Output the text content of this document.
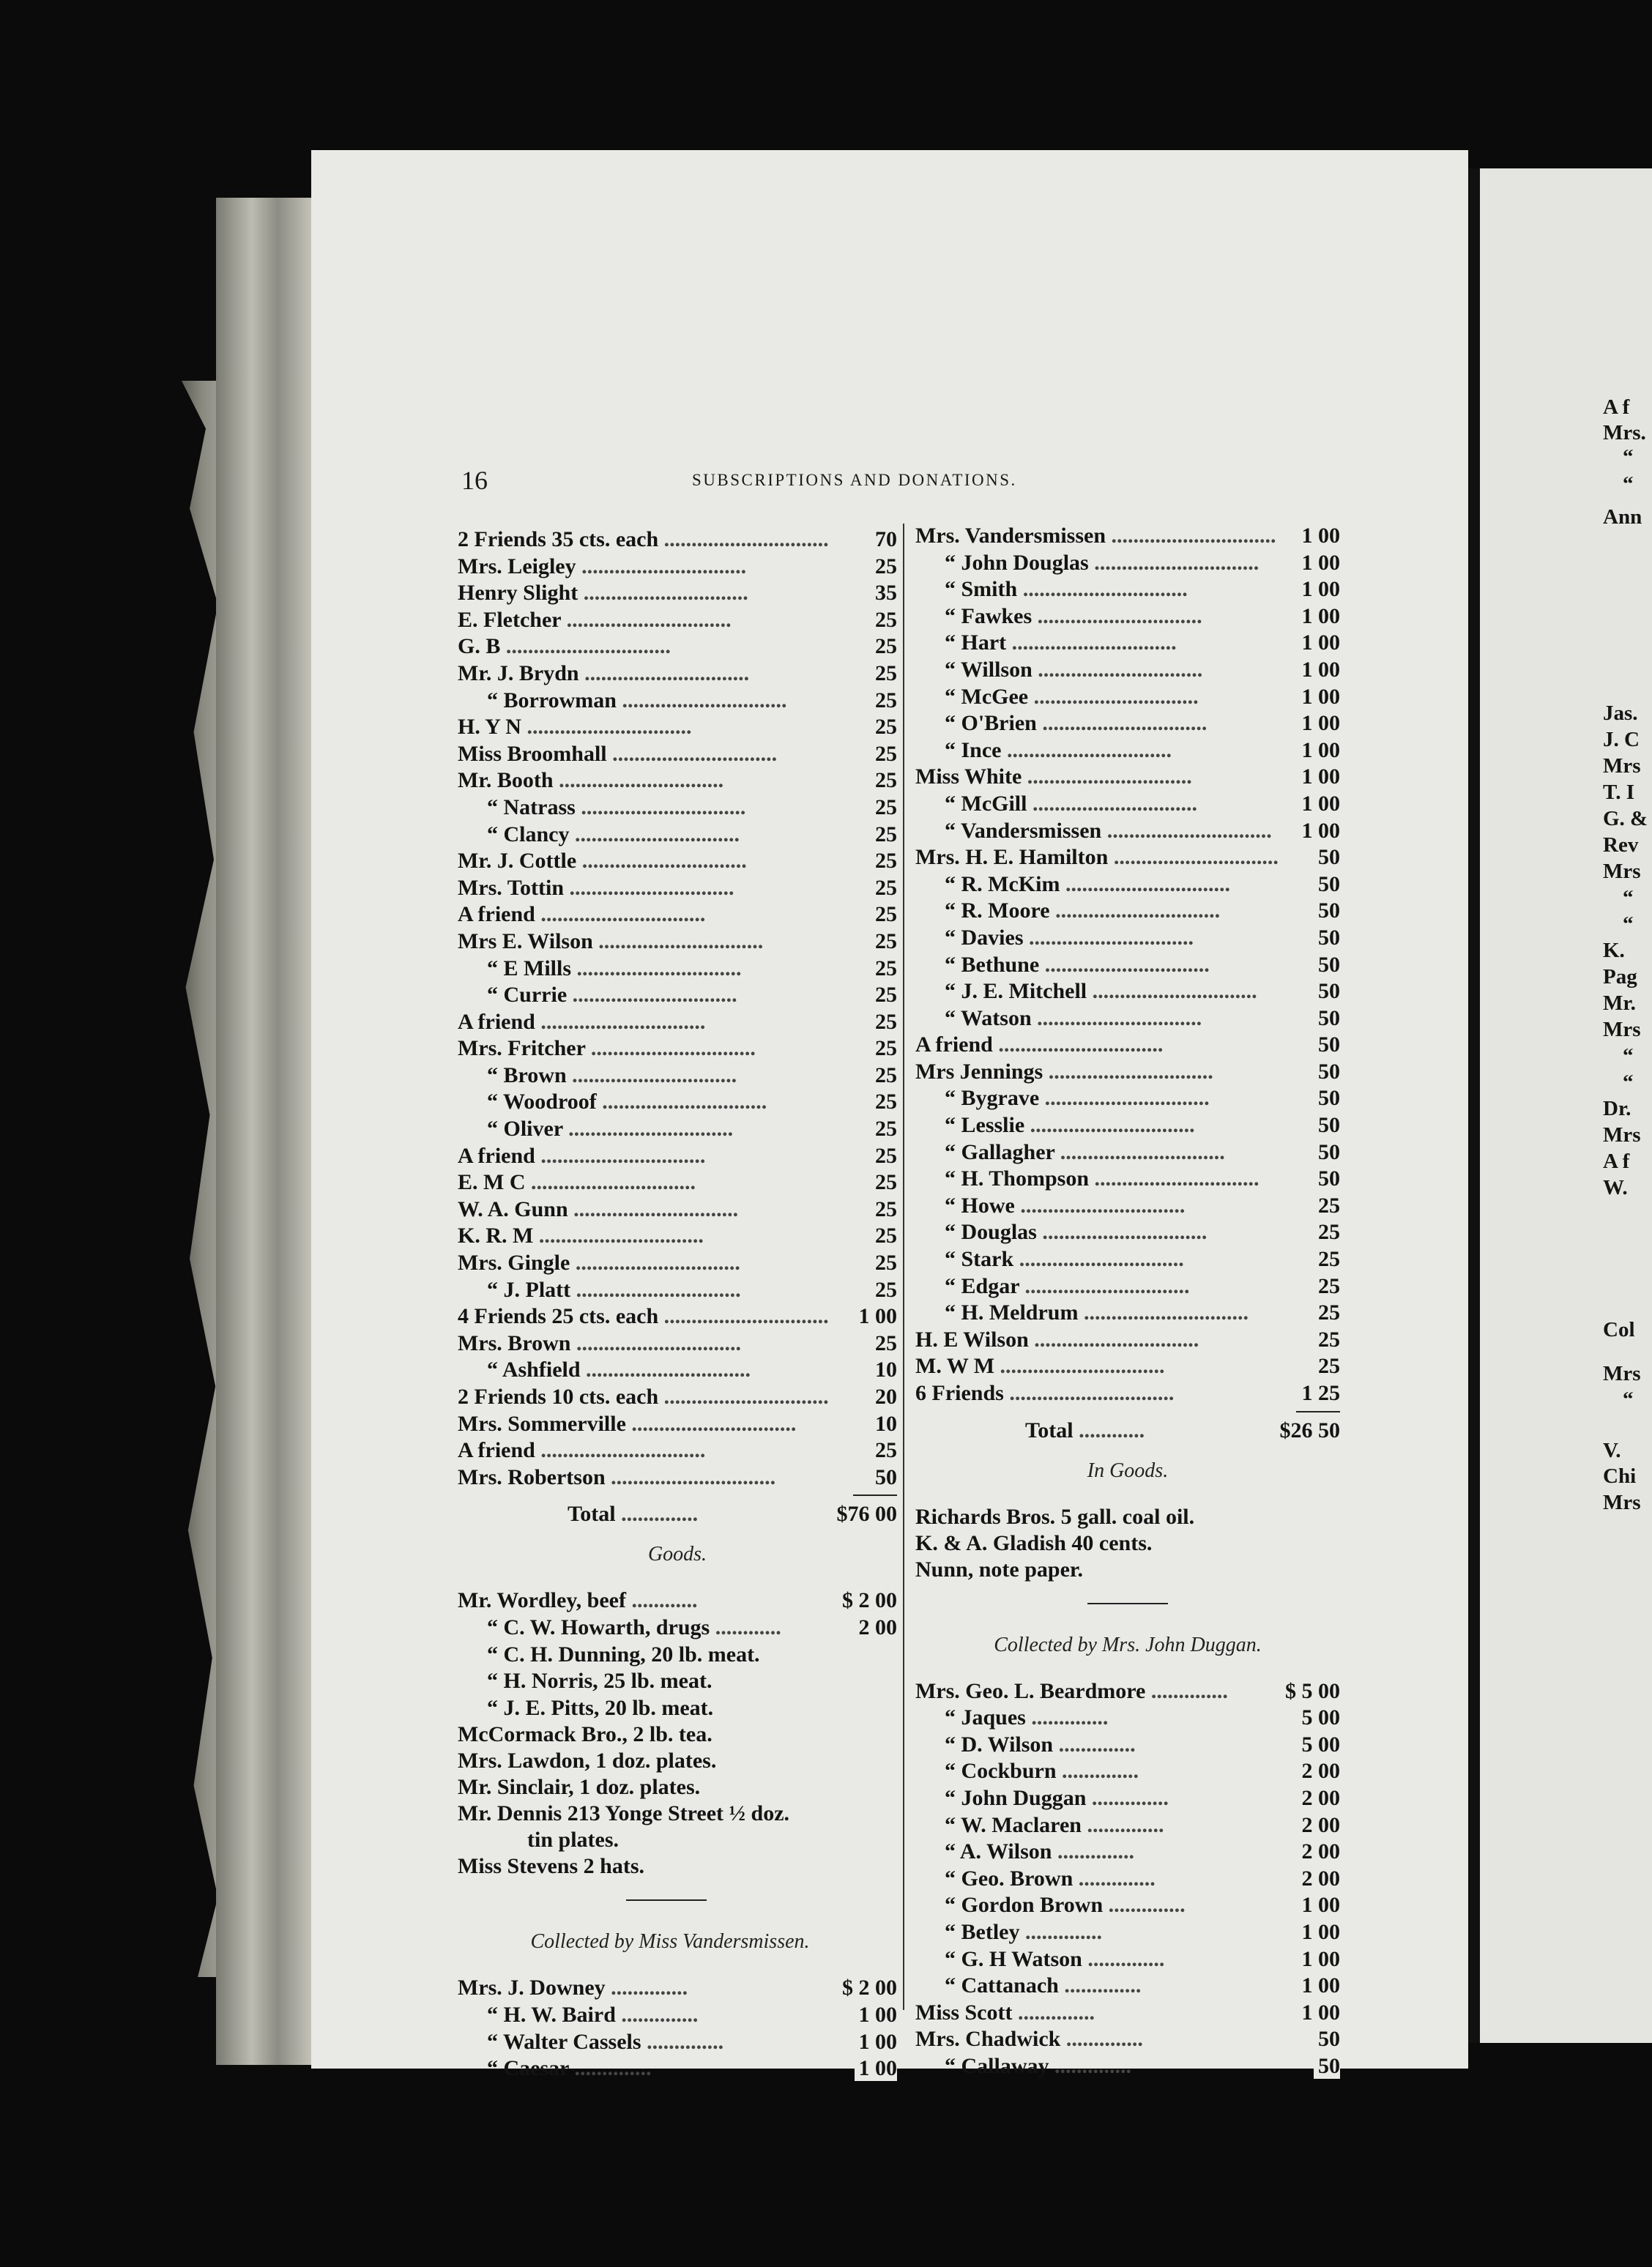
16	SUBSCRIPTIONS AND DONATIONS.
2 Friends 35 cts. each .............................. 70
Mrs. Leigley ..............................	25
Henry Slight ..............................	35
E. Fletcher ..............................	25
G. B ..............................	25
Mr. J. Brydn ..............................	25
“ Borrowman ..............................	25
H. Y N ..............................	25
Miss Broomhall ..............................	25
Mr. Booth ..............................	25
“ Natrass ..............................	25
“ Clancy ..............................	25
Mr. J. Cottle ..............................	25
Mrs. Tottin ..............................	25
A friend ..............................	25
Mrs E. Wilson ..............................	25
“ E Mills ..............................	25
“ Currie ..............................	25
A friend ..............................	25
Mrs. Fritcher ..............................	25
“ Brown ..............................	25
“ Woodroof ..............................	25
“ Oliver ..............................	25
A friend ..............................	25
E. M C ..............................	25
W. A. Gunn ..............................	25
K. R. M ..............................	25
Mrs. Gingle ..............................	25
“ J. Platt ..............................	25
4 Friends 25 cts. each .............................. 1 00
Mrs. Brown ..............................	25
“ Ashfield ..............................	10
2 Friends 10 cts. each .............................. 20
Mrs. Sommerville ..............................	10
A friend ..............................	25
Mrs. Robertson ..............................	50
Total ..............	$76 00
Goods.
Mr. Wordley, beef ............	$ 2 00
“ C. W. Howarth, drugs ............	2 00
“ C. H. Dunning, 20 lb. meat.
“ H. Norris, 25 lb. meat.
“ J. E. Pitts, 20 lb. meat.
McCormack Bro., 2 lb. tea.
Mrs. Lawdon, 1 doz. plates.
Mr. Sinclair, 1 doz. plates.
Mr. Dennis 213 Yonge Street ½ doz.
tin plates.
Miss Stevens 2 hats.
Collected by Miss Vandersmissen.
Mrs. J. Downey ..............	$ 2 00
“ H. W. Baird ..............	1 00
“ Walter Cassels ..............	1 00
“ Caesar ..............	1 00
Mrs. Vandersmissen .............................. 1 00
“ John Douglas .............................. 1 00
“ Smith ..............................	1 00
“ Fawkes ..............................	1 00
“ Hart ..............................	1 00
“ Willson ..............................	1 00
“ McGee ..............................	1 00
“ O'Brien ..............................	1 00
“ Ince ..............................	1 00
Miss White ..............................	1 00
“ McGill ..............................	1 00
“ Vandersmissen .............................. 1 00
Mrs. H. E. Hamilton .............................. 50
“ R. McKim ..............................	50
“ R. Moore ..............................	50
“ Davies ..............................	50
“ Bethune ..............................	50
“ J. E. Mitchell ..............................	50
“ Watson ..............................	50
A friend ..............................	50
Mrs Jennings ..............................	50
“ Bygrave ..............................	50
“ Lesslie ..............................	50
“ Gallagher ..............................	50
“ H. Thompson ..............................	50
“ Howe ..............................	25
“ Douglas ..............................	25
“ Stark ..............................	25
“ Edgar ..............................	25
“ H. Meldrum ..............................	25
H. E Wilson ..............................	25
M. W M ..............................	25
6 Friends ..............................	1 25
Total ............	$26 50
In Goods.
Richards Bros. 5 gall. coal oil.
K. & A. Gladish 40 cents.
Nunn, note paper.
Collected by Mrs. John Duggan.
Mrs. Geo. L. Beardmore ..............	$ 5 00
“ Jaques ..............	5 00
“ D. Wilson ..............	5 00
“ Cockburn ..............	2 00
“ John Duggan ..............	2 00
“ W. Maclaren ..............	2 00
“ A. Wilson ..............	2 00
“ Geo. Brown ..............	2 00
“ Gordon Brown ..............	1 00
“ Betley ..............	1 00
“ G. H Watson ..............	1 00
“ Cattanach ..............	1 00
Miss Scott ..............	1 00
Mrs. Chadwick ..............	50
“ Callaway ..............	50
A f
Mrs.
“
“
Ann
Jas.
J. C
Mrs
T. I
G. &
Rev
Mrs
“
“
K.
Pag
Mr.
Mrs
“
“
Dr.
Mrs
A f
W.
Col
Mrs
“
V.
Chi
Mrs
